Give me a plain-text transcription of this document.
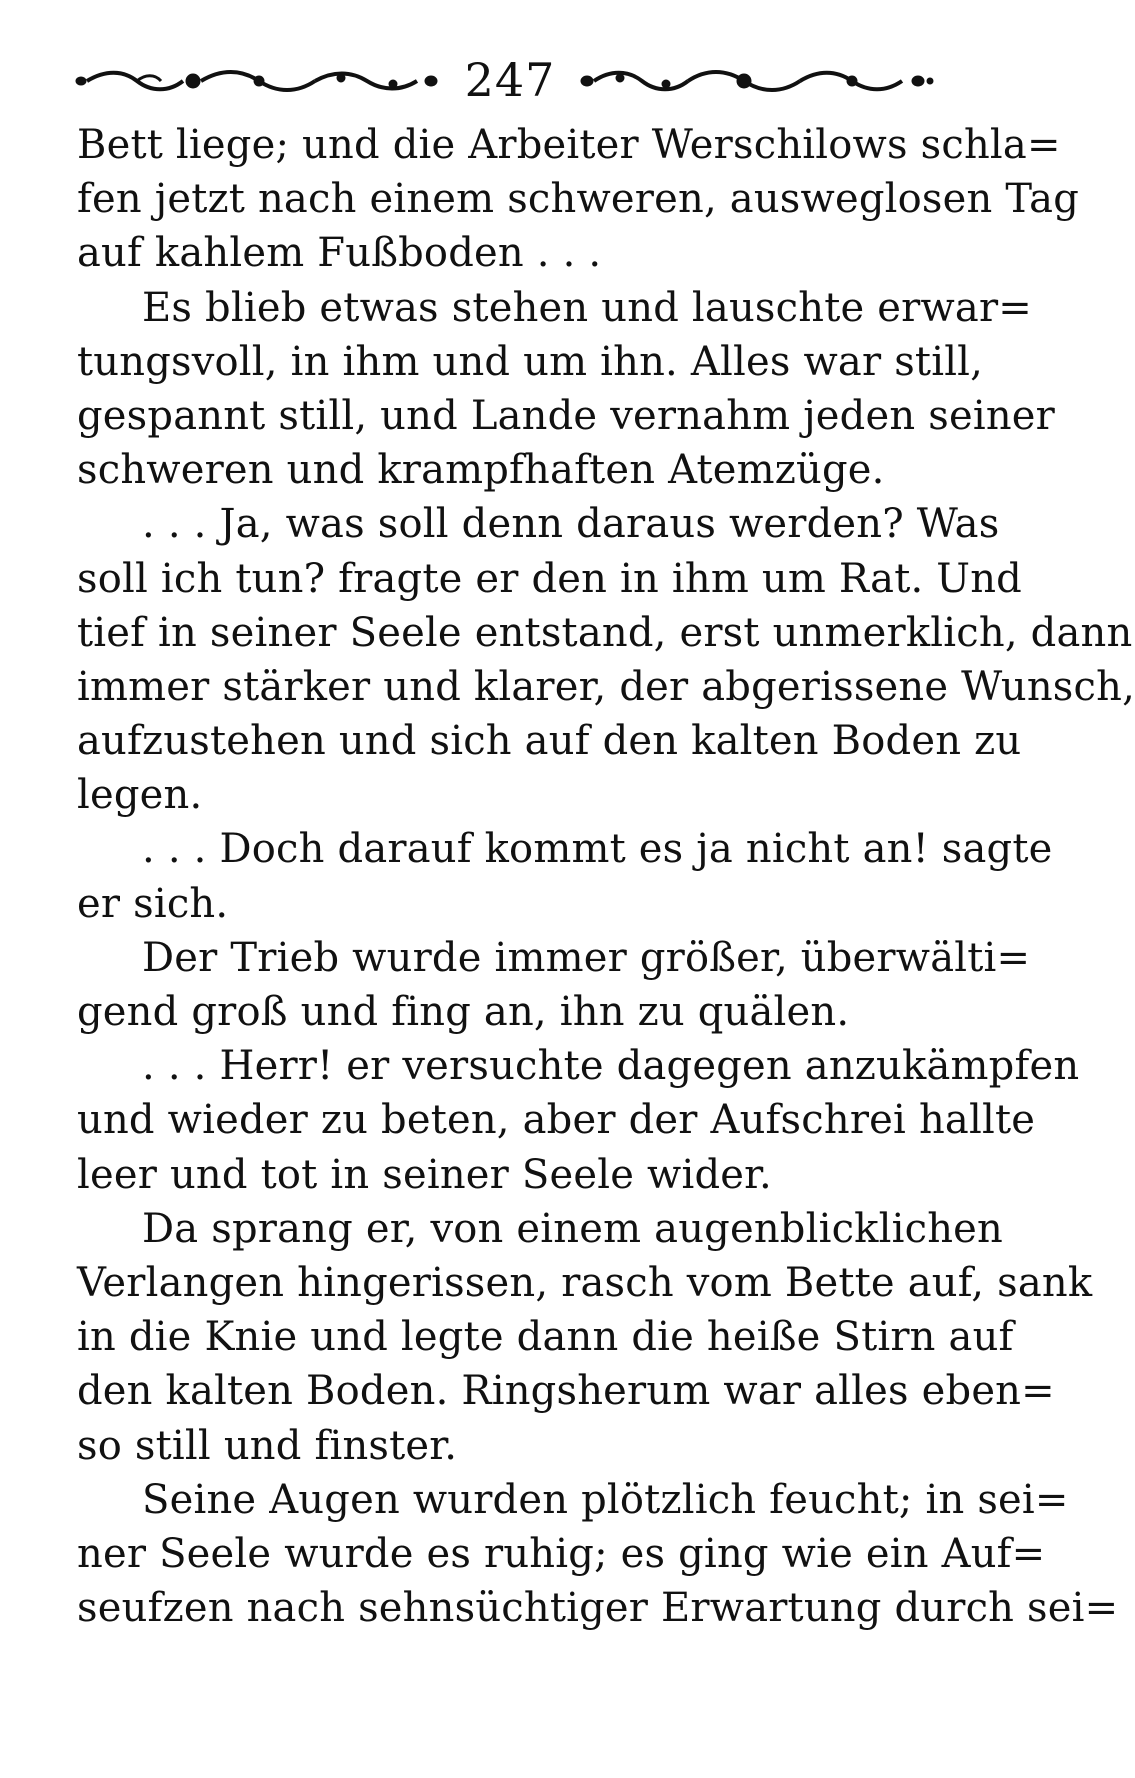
247
Bett liege; und die Arbeiter Werschilows schla=
fen jetzt nach einem schweren, ausweglosen Tag
auf kahlem Fußboden . . .
Es blieb etwas stehen und lauschte erwar=
tungsvoll, in ihm und um ihn. Alles war still,
gespannt still, und Lande vernahm jeden seiner
schweren und krampfhaften Atemzüge.
. . . Ja, was soll denn daraus werden? Was
soll ich tun? fragte er den in ihm um Rat. Und
tief in seiner Seele entstand, erst unmerklich, dann
immer stärker und klarer, der abgerissene Wunsch,
aufzustehen und sich auf den kalten Boden zu
legen.
. . . Doch darauf kommt es ja nicht an! sagte
er sich.
Der Trieb wurde immer größer, überwälti=
gend groß und fing an, ihn zu quälen.
. . . Herr! er versuchte dagegen anzukämpfen
und wieder zu beten, aber der Aufschrei hallte
leer und tot in seiner Seele wider.
Da sprang er, von einem augenblicklichen
Verlangen hingerissen, rasch vom Bette auf, sank
in die Knie und legte dann die heiße Stirn auf
den kalten Boden. Ringsherum war alles eben=
so still und finster.
Seine Augen wurden plötzlich feucht; in sei=
ner Seele wurde es ruhig; es ging wie ein Auf=
seufzen nach sehnsüchtiger Erwartung durch sei=
